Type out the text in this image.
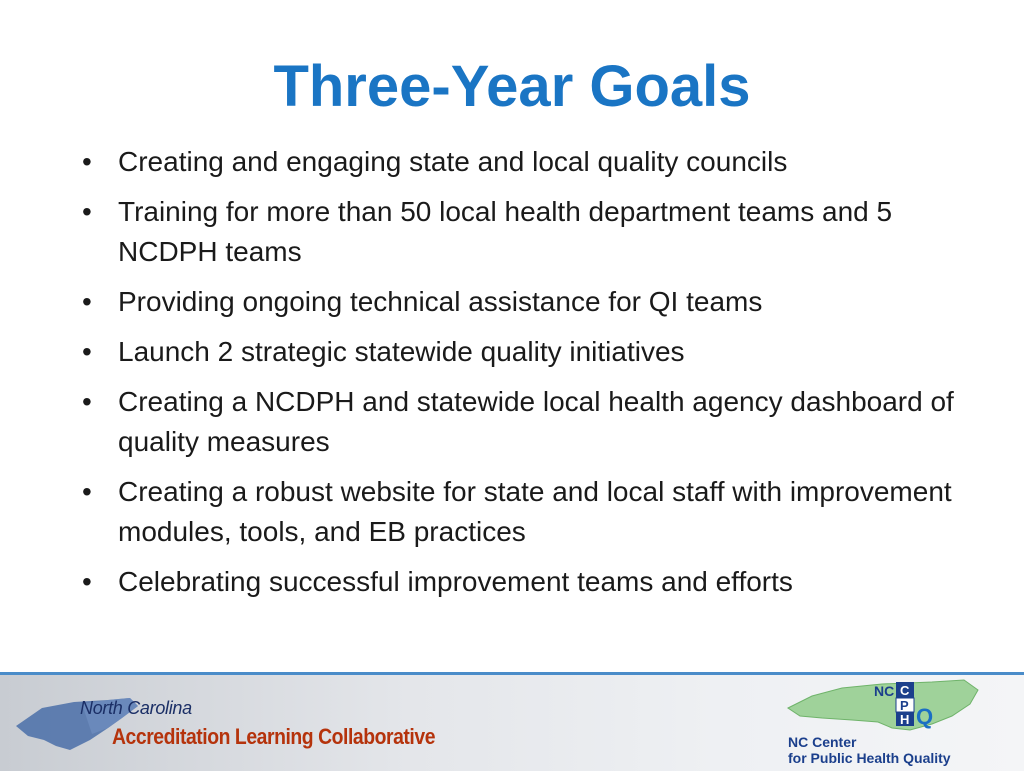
Three-Year Goals
• Creating and engaging state and local quality councils
• Training for more than 50 local health department teams and 5 NCDPH teams
• Providing ongoing technical assistance for QI teams
• Launch 2 strategic statewide quality initiatives
• Creating a NCDPH and statewide local health agency dashboard of quality measures
• Creating a robust website for state and local staff with improvement modules, tools, and EB practices
• Celebrating successful improvement teams and efforts
North Carolina
Accreditation Learning Collaborative
NC C
P
H Q
NC Center
for Public Health Quality
